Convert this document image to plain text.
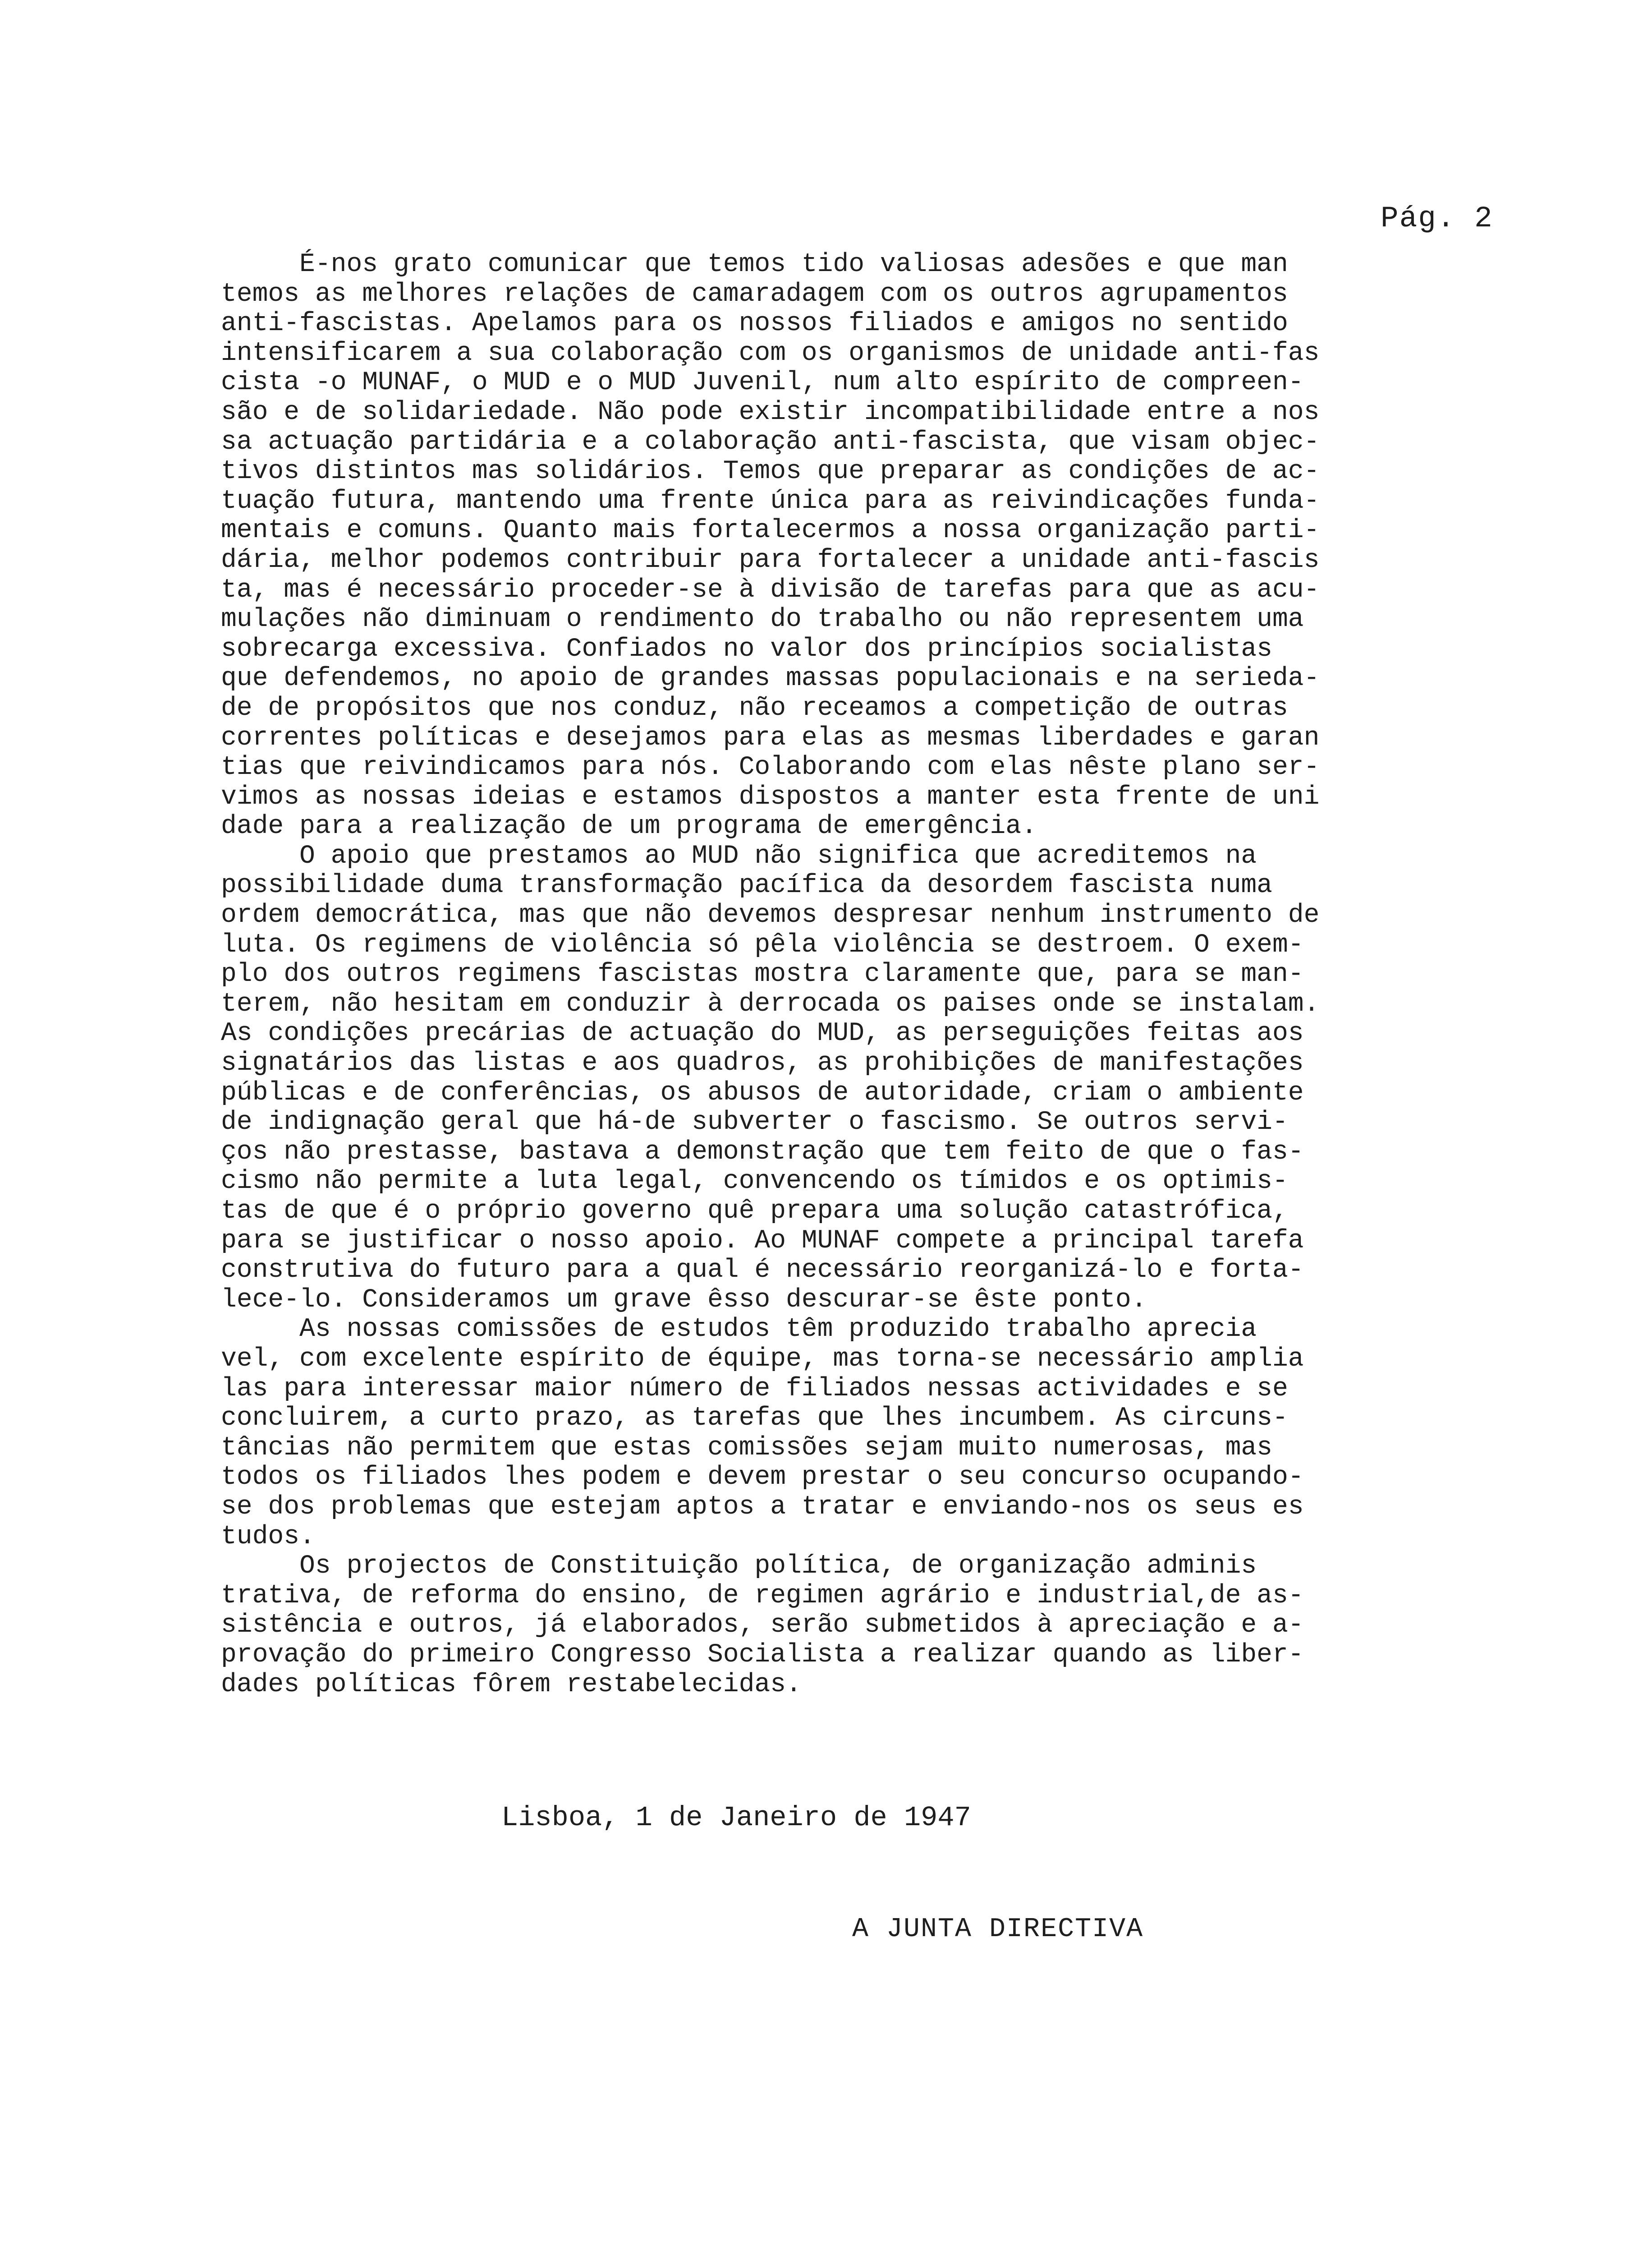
Pág. 2
É-nos grato comunicar que temos tido valiosas adesões e que man
temos as melhores relações de camaradagem com os outros agrupamentos
anti-fascistas. Apelamos para os nossos filiados e amigos no sentido
intensificarem a sua colaboração com os organismos de unidade anti-fas
cista -o MUNAF, o MUD e o MUD Juvenil, num alto espírito de compreen-
são e de solidariedade. Não pode existir incompatibilidade entre a nos
sa actuação partidária e a colaboração anti-fascista, que visam objec-
tivos distintos mas solidários. Temos que preparar as condições de ac-
tuação futura, mantendo uma frente única para as reivindicações funda-
mentais e comuns. Quanto mais fortalecermos a nossa organização parti-
dária, melhor podemos contribuir para fortalecer a unidade anti-fascis
ta, mas é necessário proceder-se à divisão de tarefas para que as acu-
mulações não diminuam o rendimento do trabalho ou não representem uma
sobrecarga excessiva. Confiados no valor dos princípios socialistas
que defendemos, no apoio de grandes massas populacionais e na serieda-
de de propósitos que nos conduz, não receamos a competição de outras
correntes políticas e desejamos para elas as mesmas liberdades e garan
tias que reivindicamos para nós. Colaborando com elas nêste plano ser-
vimos as nossas ideias e estamos dispostos a manter esta frente de uni
dade para a realização de um programa de emergência.
O apoio que prestamos ao MUD não significa que acreditemos na
possibilidade duma transformação pacífica da desordem fascista numa
ordem democrática, mas que não devemos despresar nenhum instrumento de
luta. Os regimens de violência só pêla violência se destroem. O exem-
plo dos outros regimens fascistas mostra claramente que, para se man-
terem, não hesitam em conduzir à derrocada os paises onde se instalam.
As condições precárias de actuação do MUD, as perseguições feitas aos
signatários das listas e aos quadros, as prohibições de manifestações
públicas e de conferências, os abusos de autoridade, criam o ambiente
de indignação geral que há-de subverter o fascismo. Se outros servi-
ços não prestasse, bastava a demonstração que tem feito de que o fas-
cismo não permite a luta legal, convencendo os tímidos e os optimis-
tas de que é o próprio governo quê prepara uma solução catastrófica,
para se justificar o nosso apoio. Ao MUNAF compete a principal tarefa
construtiva do futuro para a qual é necessário reorganizá-lo e forta-
lece-lo. Consideramos um grave êsso descurar-se êste ponto.
As nossas comissões de estudos têm produzido trabalho aprecia
vel, com excelente espírito de équipe, mas torna-se necessário amplia
las para interessar maior número de filiados nessas actividades e se
concluirem, a curto prazo, as tarefas que lhes incumbem. As circuns-
tâncias não permitem que estas comissões sejam muito numerosas, mas
todos os filiados lhes podem e devem prestar o seu concurso ocupando-
se dos problemas que estejam aptos a tratar e enviando-nos os seus es
tudos.
Os projectos de Constituição política, de organização adminis
trativa, de reforma do ensino, de regimen agrário e industrial,de as-
sistência e outros, já elaborados, serão submetidos à apreciação e a-
provação do primeiro Congresso Socialista a realizar quando as liber-
dades políticas fôrem restabelecidas.
Lisboa, 1 de Janeiro de 1947
A JUNTA DIRECTIVA
